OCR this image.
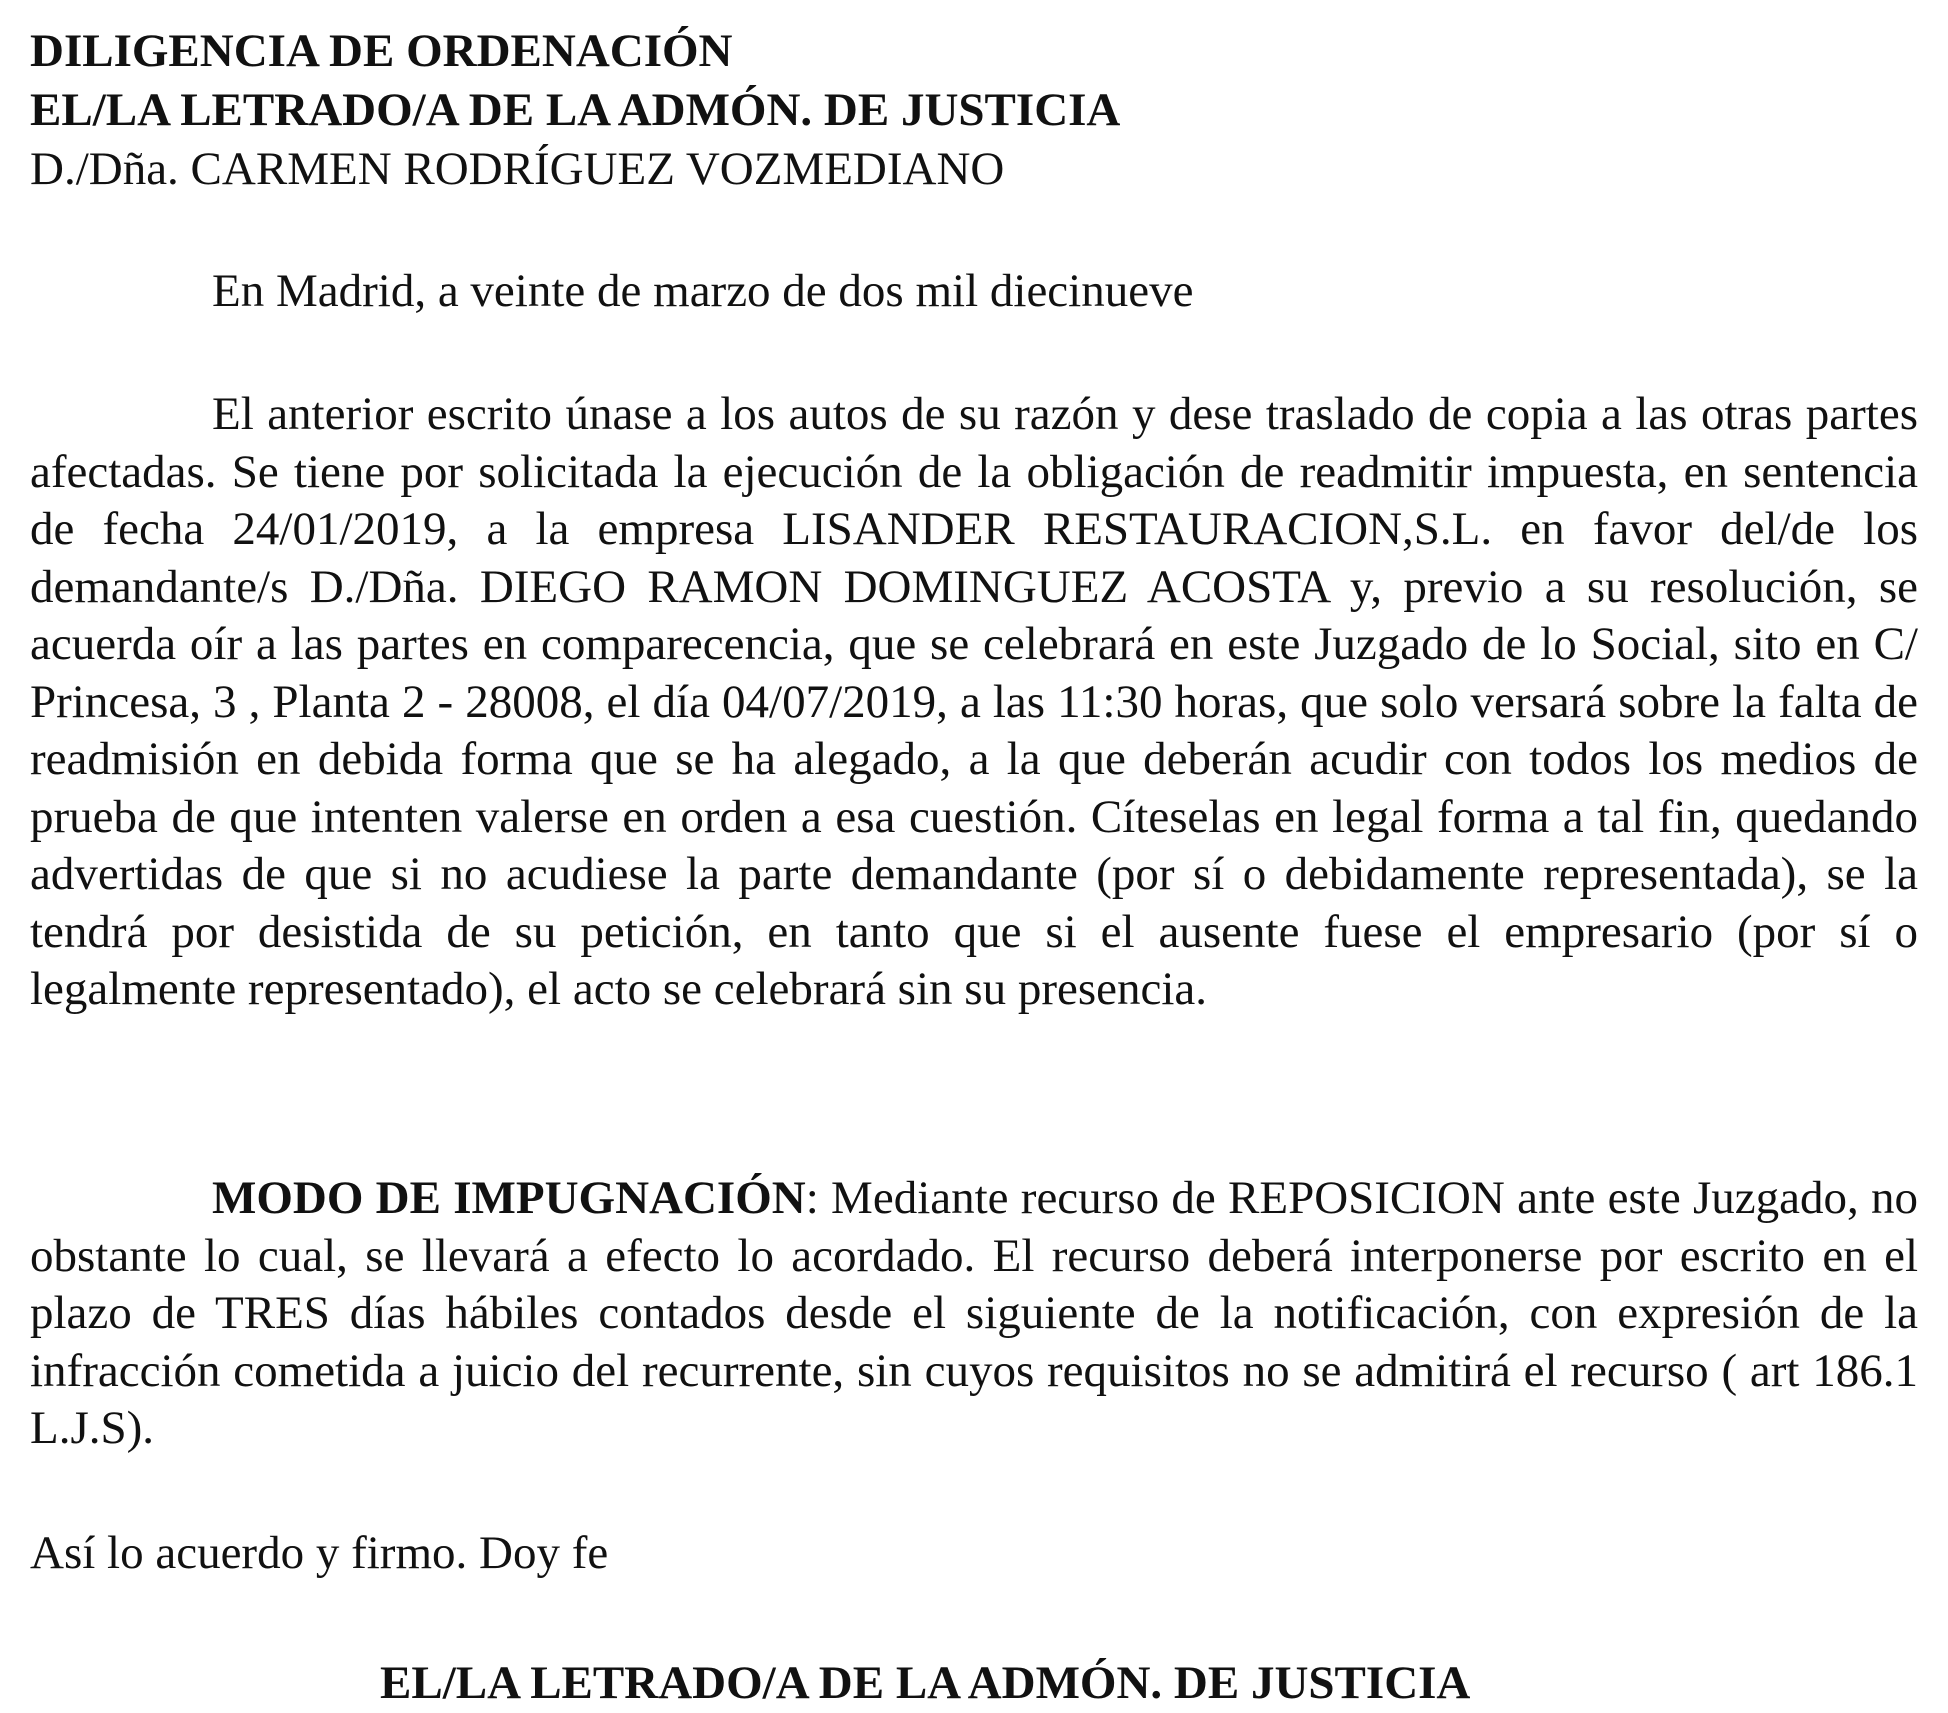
DILIGENCIA DE ORDENACIÓN

EL/LA LETRADO/A DE LA ADMÓN. DE JUSTICIA

D./Dña. CARMEN RODRÍGUEZ VOZMEDIANO

En Madrid, a veinte de marzo de dos mil diecinueve

El anterior escrito únase a los autos de su razón y dese traslado de copia a las otras partes afectadas. Se tiene por solicitada la ejecución de la obligación de readmitir impuesta, en sentencia de fecha 24/01/2019, a la empresa LISANDER RESTAURACION,S.L. en favor del/de los demandante/s D./Dña. DIEGO RAMON DOMINGUEZ ACOSTA y, previo a su resolución, se acuerda oír a las partes en comparecencia, que se celebrará en este Juzgado de lo Social, sito en C/ Princesa, 3 , Planta 2 - 28008, el día 04/07/2019, a las 11:30 horas, que solo versará sobre la falta de readmisión en debida forma que se ha alegado, a la que deberán acudir con todos los medios de prueba de que intenten valerse en orden a esa cuestión. Cíteselas en legal forma a tal fin, quedando advertidas de que si no acudiese la parte demandante (por sí o debidamente representada), se la tendrá por desistida de su petición, en tanto que si el ausente fuese el empresario (por sí o legalmente representado), el acto se celebrará sin su presencia.

MODO DE IMPUGNACIÓN: Mediante recurso de REPOSICION ante este Juzgado, no obstante lo cual, se llevará a efecto lo acordado. El recurso deberá interponerse por escrito en el plazo de TRES días hábiles contados desde el siguiente de la notificación, con expresión de la infracción cometida a juicio del recurrente, sin cuyos requisitos no se admitirá el recurso ( art 186.1 L.J.S).

Así lo acuerdo y firmo. Doy fe
EL/LA LETRADO/A DE LA ADMÓN. DE JUSTICIA
